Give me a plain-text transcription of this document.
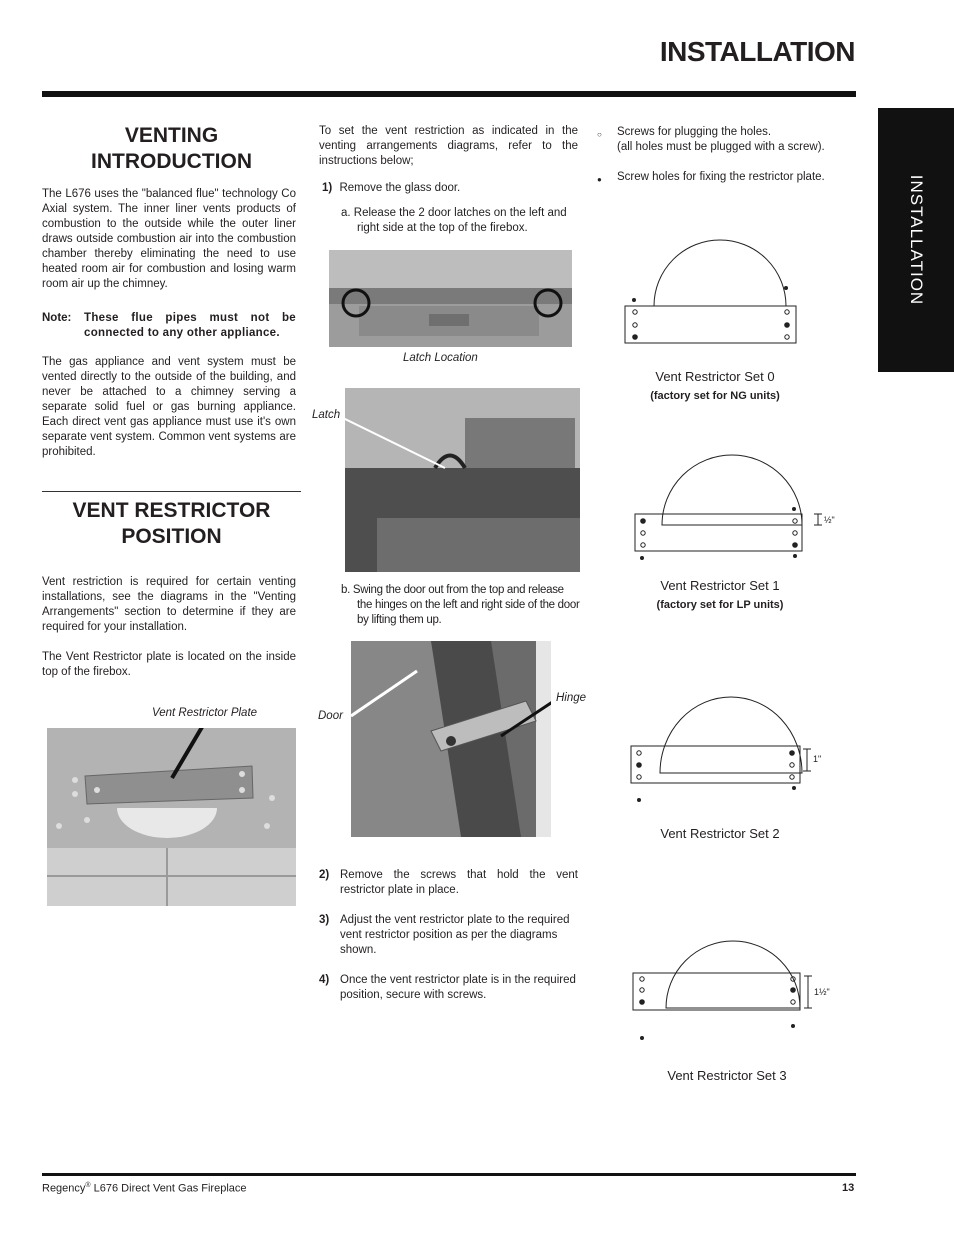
INSTALLATION
INSTALLATION
VENTING
INTRODUCTION
The L676 uses the "balanced flue" technology Co Axial system. The inner liner vents products of combustion to the outside while the outer liner draws outside combustion air into the combustion chamber thereby eliminating the need to use heated room air for combustion and losing warm room air up the chimney.
Note: These flue pipes must not be connected to any other appliance.
The gas appliance and vent system must be vented directly to the outside of the building, and never be attached to a chimney serving a separate solid fuel or gas burning appliance. Each direct vent gas appliance must use it's own separate vent system. Common vent systems are prohibited.
VENT RESTRICTOR
POSITION
Vent restriction is required for certain venting installations, see the diagrams in the "Venting Arrangements" section to determine if they are required for your installation.
The Vent Restrictor plate is located on the inside top of the firebox.
Vent Restrictor Plate
To set the vent restriction as indicated in the venting arrangements diagrams, refer to the instructions below;
1) Remove the glass door.
a. Release the 2 door latches on the left and right side at the top of the firebox.
Latch Location
Latch
b. Swing the door out from the top and release the hinges on the left and right side of the door by lifting them up.
Door
Hinge
2) Remove the screws that hold the vent restrictor plate in place.
3) Adjust the vent restrictor plate to the required vent restrictor position as per the diagrams shown.
4) Once the vent restrictor plate is in the required position, secure with screws.
○	Screws for plugging the holes.
(all holes must be plugged with a screw).
●	Screw holes for fixing the restrictor plate.
Vent Restrictor Set 0
(factory set for NG units)
½"
Vent Restrictor Set 1
(factory set for LP units)
1"
Vent Restrictor Set 2
1½"
Vent Restrictor Set 3
Regency® L676 Direct Vent Gas Fireplace	13
